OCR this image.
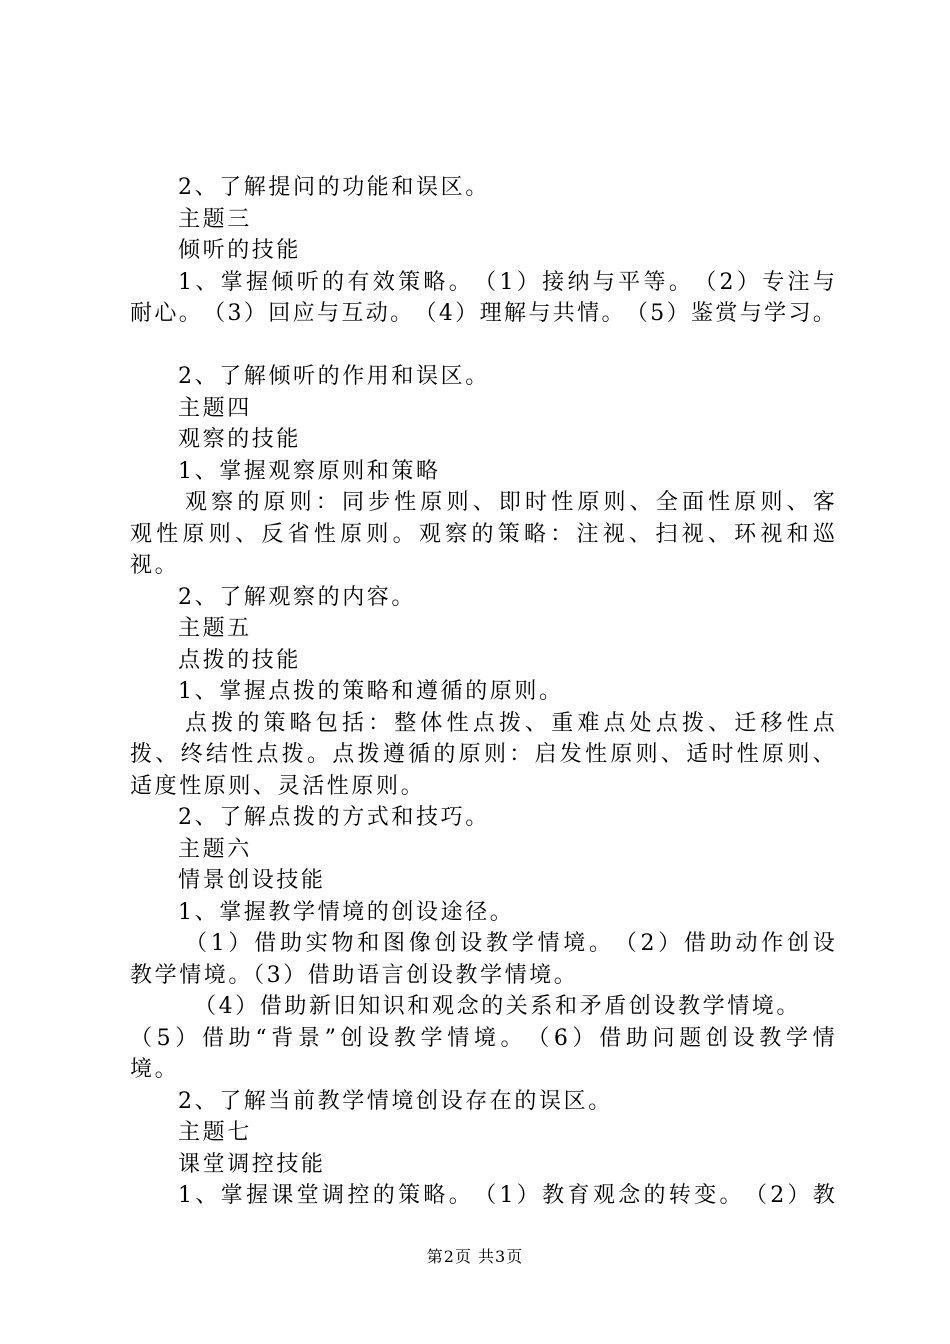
2、了解提问的功能和误区。
主题三
倾听的技能
1 、 掌 握 倾 听 的 有 效 策 略 。 （ 1 ） 接 纳 与 平 等 。 （ 2 ） 专 注 与
耐 心 。 （ 3 ） 回 应 与 互 动 。 （ 4 ） 理 解 与 共 情 。 （ 5 ） 鉴 赏 与 学 习 。
2、了解倾听的作用和误区。
主题四
观察的技能
1、掌握观察原则和策略
观 察 的 原 则 ： 同 步 性 原 则 、 即 时 性 原 则 、 全 面 性 原 则 、 客
观 性 原 则 、 反 省 性 原 则 。 观 察 的 策 略 ： 注 视 、 扫 视 、 环 视 和 巡
视。
2、了解观察的内容。
主题五
点拨的技能
1、掌握点拨的策略和遵循的原则。
点 拨 的 策 略 包 括 ： 整 体 性 点 拨 、 重 难 点 处 点 拨 、 迁 移 性 点
拨 、 终 结 性 点 拨 。 点 拨 遵 循 的 原 则 ： 启 发 性 原 则 、 适 时 性 原 则 、
适度性原则、灵活性原则。
2、了解点拨的方式和技巧。
主题六
情景创设技能
1、掌握教学情境的创设途径。
（ 1 ） 借 助 实 物 和 图 像 创 设 教 学 情 境 。 （ 2 ） 借 助 动 作 创 设
教学情境。（3）借助语言创设教学情境。
（4）借助新旧知识和观念的关系和矛盾创设教学情境。
（ 5 ） 借 助 “ 背 景 ” 创 设 教 学 情 境 。 （ 6 ） 借 助 问 题 创 设 教 学 情
境。
2、了解当前教学情境创设存在的误区。
主题七
课堂调控技能
1 、 掌 握 课 堂 调 控 的 策 略 。 （ 1 ） 教 育 观 念 的 转 变 。 （ 2 ） 教
第2页 共3页
